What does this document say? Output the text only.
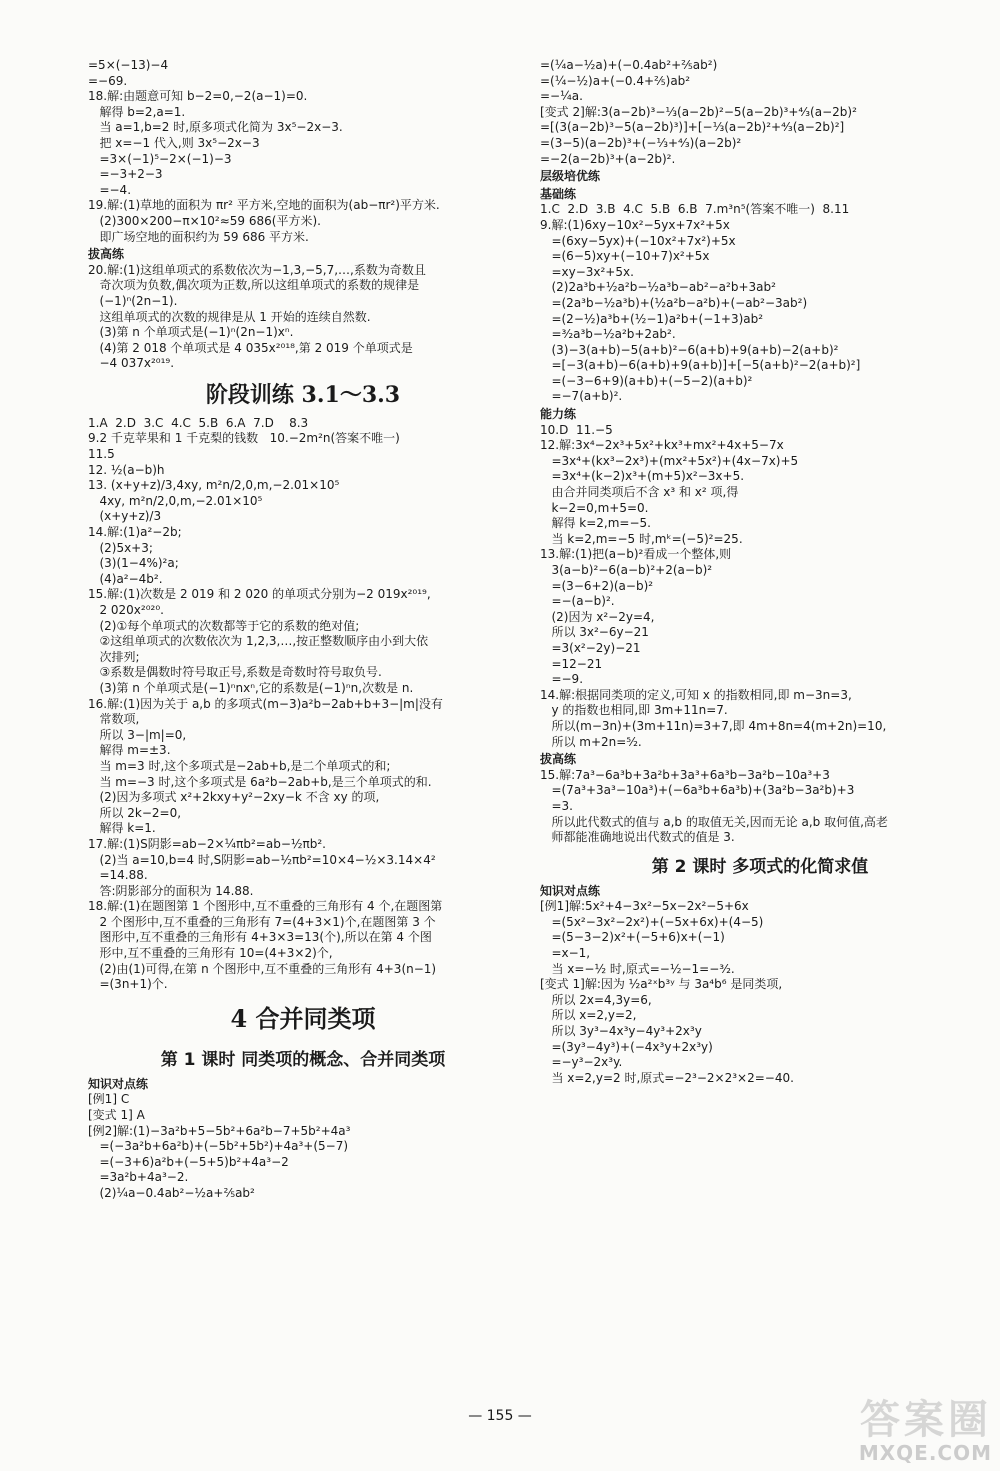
=5×(−13)−4
=−69.
18.解:由题意可知 b−2=0,−2(a−1)=0.
解得 b=2,a=1.
当 a=1,b=2 时,原多项式化简为 3x⁵−2x−3.
把 x=−1 代入,则 3x⁵−2x−3
=3×(−1)⁵−2×(−1)−3
=−3+2−3
=−4.
19.解:(1)草地的面积为 πr² 平方米,空地的面积为(ab−πr²)平方米.
(2)300×200−π×10²≈59 686(平方米).
即广场空地的面积约为 59 686 平方米.
拔高练
20.解:(1)这组单项式的系数依次为−1,3,−5,7,…,系数为奇数且
奇次项为负数,偶次项为正数,所以这组单项式的系数的规律是
(−1)ⁿ(2n−1).
这组单项式的次数的规律是从 1 开始的连续自然数.
(3)第 n 个单项式是(−1)ⁿ(2n−1)xⁿ.
(4)第 2 018 个单项式是 4 035x²⁰¹⁸,第 2 019 个单项式是
−4 037x²⁰¹⁹.
阶段训练 3.1～3.3
1.A  2.D  3.C  4.C  5.B  6.A  7.D    8.3
9.2 千克苹果和 1 千克梨的钱数   10.−2m²n(答案不唯一)
11.5
12. ½(a−b)h
13. (x+y+z)/3,4xy, m²n/2,0,m,−2.01×10⁵
4xy, m²n/2,0,m,−2.01×10⁵
(x+y+z)/3
14.解:(1)a²−2b;
(2)5x+3;
(3)(1−4%)²a;
(4)a²−4b².
15.解:(1)次数是 2 019 和 2 020 的单项式分别为−2 019x²⁰¹⁹,
2 020x²⁰²⁰.
(2)①每个单项式的次数都等于它的系数的绝对值;
②这组单项式的次数依次为 1,2,3,…,按正整数顺序由小到大依
次排列;
③系数是偶数时符号取正号,系数是奇数时符号取负号.
(3)第 n 个单项式是(−1)ⁿnxⁿ,它的系数是(−1)ⁿn,次数是 n.
16.解:(1)因为关于 a,b 的多项式(m−3)a²b−2ab+b+3−|m|没有
常数项,
所以 3−|m|=0,
解得 m=±3.
当 m=3 时,这个多项式是−2ab+b,是二个单项式的和;
当 m=−3 时,这个多项式是 6a²b−2ab+b,是三个单项式的和.
(2)因为多项式 x²+2kxy+y²−2xy−k 不含 xy 的项,
所以 2k−2=0,
解得 k=1.
17.解:(1)S阴影=ab−2×¼πb²=ab−½πb².
(2)当 a=10,b=4 时,S阴影=ab−½πb²=10×4−½×3.14×4²
=14.88.
答:阴影部分的面积为 14.88.
18.解:(1)在题图第 1 个图形中,互不重叠的三角形有 4 个,在题图第
2 个图形中,互不重叠的三角形有 7=(4+3×1)个,在题图第 3 个
图形中,互不重叠的三角形有 4+3×3=13(个),所以在第 4 个图
形中,互不重叠的三角形有 10=(4+3×2)个,
(2)由(1)可得,在第 n 个图形中,互不重叠的三角形有 4+3(n−1)
=(3n+1)个.
4 合并同类项
第 1 课时 同类项的概念、合并同类项
知识对点练
[例1] C
[变式 1] A
[例2]解:(1)−3a²b+5−5b²+6a²b−7+5b²+4a³
=(−3a²b+6a²b)+(−5b²+5b²)+4a³+(5−7)
=(−3+6)a²b+(−5+5)b²+4a³−2
=3a²b+4a³−2.
(2)¼a−0.4ab²−½a+⅖ab²
=(¼a−½a)+(−0.4ab²+⅖ab²)
=(¼−½)a+(−0.4+⅖)ab²
=−¼a.
[变式 2]解:3(a−2b)³−⅓(a−2b)²−5(a−2b)³+⁴⁄₃(a−2b)²
=[(3(a−2b)³−5(a−2b)³)]+[−⅓(a−2b)²+⁴⁄₃(a−2b)²]
=(3−5)(a−2b)³+(−⅓+⁴⁄₃)(a−2b)²
=−2(a−2b)³+(a−2b)².
层级培优练
基础练
1.C  2.D  3.B  4.C  5.B  6.B  7.m³n⁵(答案不唯一)  8.11
9.解:(1)6xy−10x²−5yx+7x²+5x
=(6xy−5yx)+(−10x²+7x²)+5x
=(6−5)xy+(−10+7)x²+5x
=xy−3x²+5x.
(2)2a³b+½a²b−½a³b−ab²−a²b+3ab²
=(2a³b−½a³b)+(½a²b−a²b)+(−ab²−3ab²)
=(2−½)a³b+(½−1)a²b+(−1+3)ab²
=³⁄₂a³b−½a²b+2ab².
(3)−3(a+b)−5(a+b)²−6(a+b)+9(a+b)−2(a+b)²
=[−3(a+b)−6(a+b)+9(a+b)]+[−5(a+b)²−2(a+b)²]
=(−3−6+9)(a+b)+(−5−2)(a+b)²
=−7(a+b)².
能力练
10.D  11.−5
12.解:3x⁴−2x³+5x²+kx³+mx²+4x+5−7x
=3x⁴+(kx³−2x³)+(mx²+5x²)+(4x−7x)+5
=3x⁴+(k−2)x³+(m+5)x²−3x+5.
由合并同类项后不含 x³ 和 x² 项,得
k−2=0,m+5=0.
解得 k=2,m=−5.
当 k=2,m=−5 时,mᵏ=(−5)²=25.
13.解:(1)把(a−b)²看成一个整体,则
3(a−b)²−6(a−b)²+2(a−b)²
=(3−6+2)(a−b)²
=−(a−b)².
(2)因为 x²−2y=4,
所以 3x²−6y−21
=3(x²−2y)−21
=12−21
=−9.
14.解:根据同类项的定义,可知 x 的指数相同,即 m−3n=3,
y 的指数也相同,即 3m+11n=7.
所以(m−3n)+(3m+11n)=3+7,即 4m+8n=4(m+2n)=10,
所以 m+2n=⁵⁄₂.
拔高练
15.解:7a³−6a³b+3a²b+3a³+6a³b−3a²b−10a³+3
=(7a³+3a³−10a³)+(−6a³b+6a³b)+(3a²b−3a²b)+3
=3.
所以此代数式的值与 a,b 的取值无关,因而无论 a,b 取何值,高老
师都能准确地说出代数式的值是 3.
第 2 课时 多项式的化简求值
知识对点练
[例1]解:5x²+4−3x²−5x−2x²−5+6x
=(5x²−3x²−2x²)+(−5x+6x)+(4−5)
=(5−3−2)x²+(−5+6)x+(−1)
=x−1,
当 x=−½ 时,原式=−½−1=−³⁄₂.
[变式 1]解:因为 ½a²ˣb³ʸ 与 3a⁴b⁶ 是同类项,
所以 2x=4,3y=6,
所以 x=2,y=2,
所以 3y³−4x³y−4y³+2x³y
=(3y³−4y³)+(−4x³y+2x³y)
=−y³−2x³y.
当 x=2,y=2 时,原式=−2³−2×2³×2=−40.
— 155 —	答案圈
MXQE.COM
